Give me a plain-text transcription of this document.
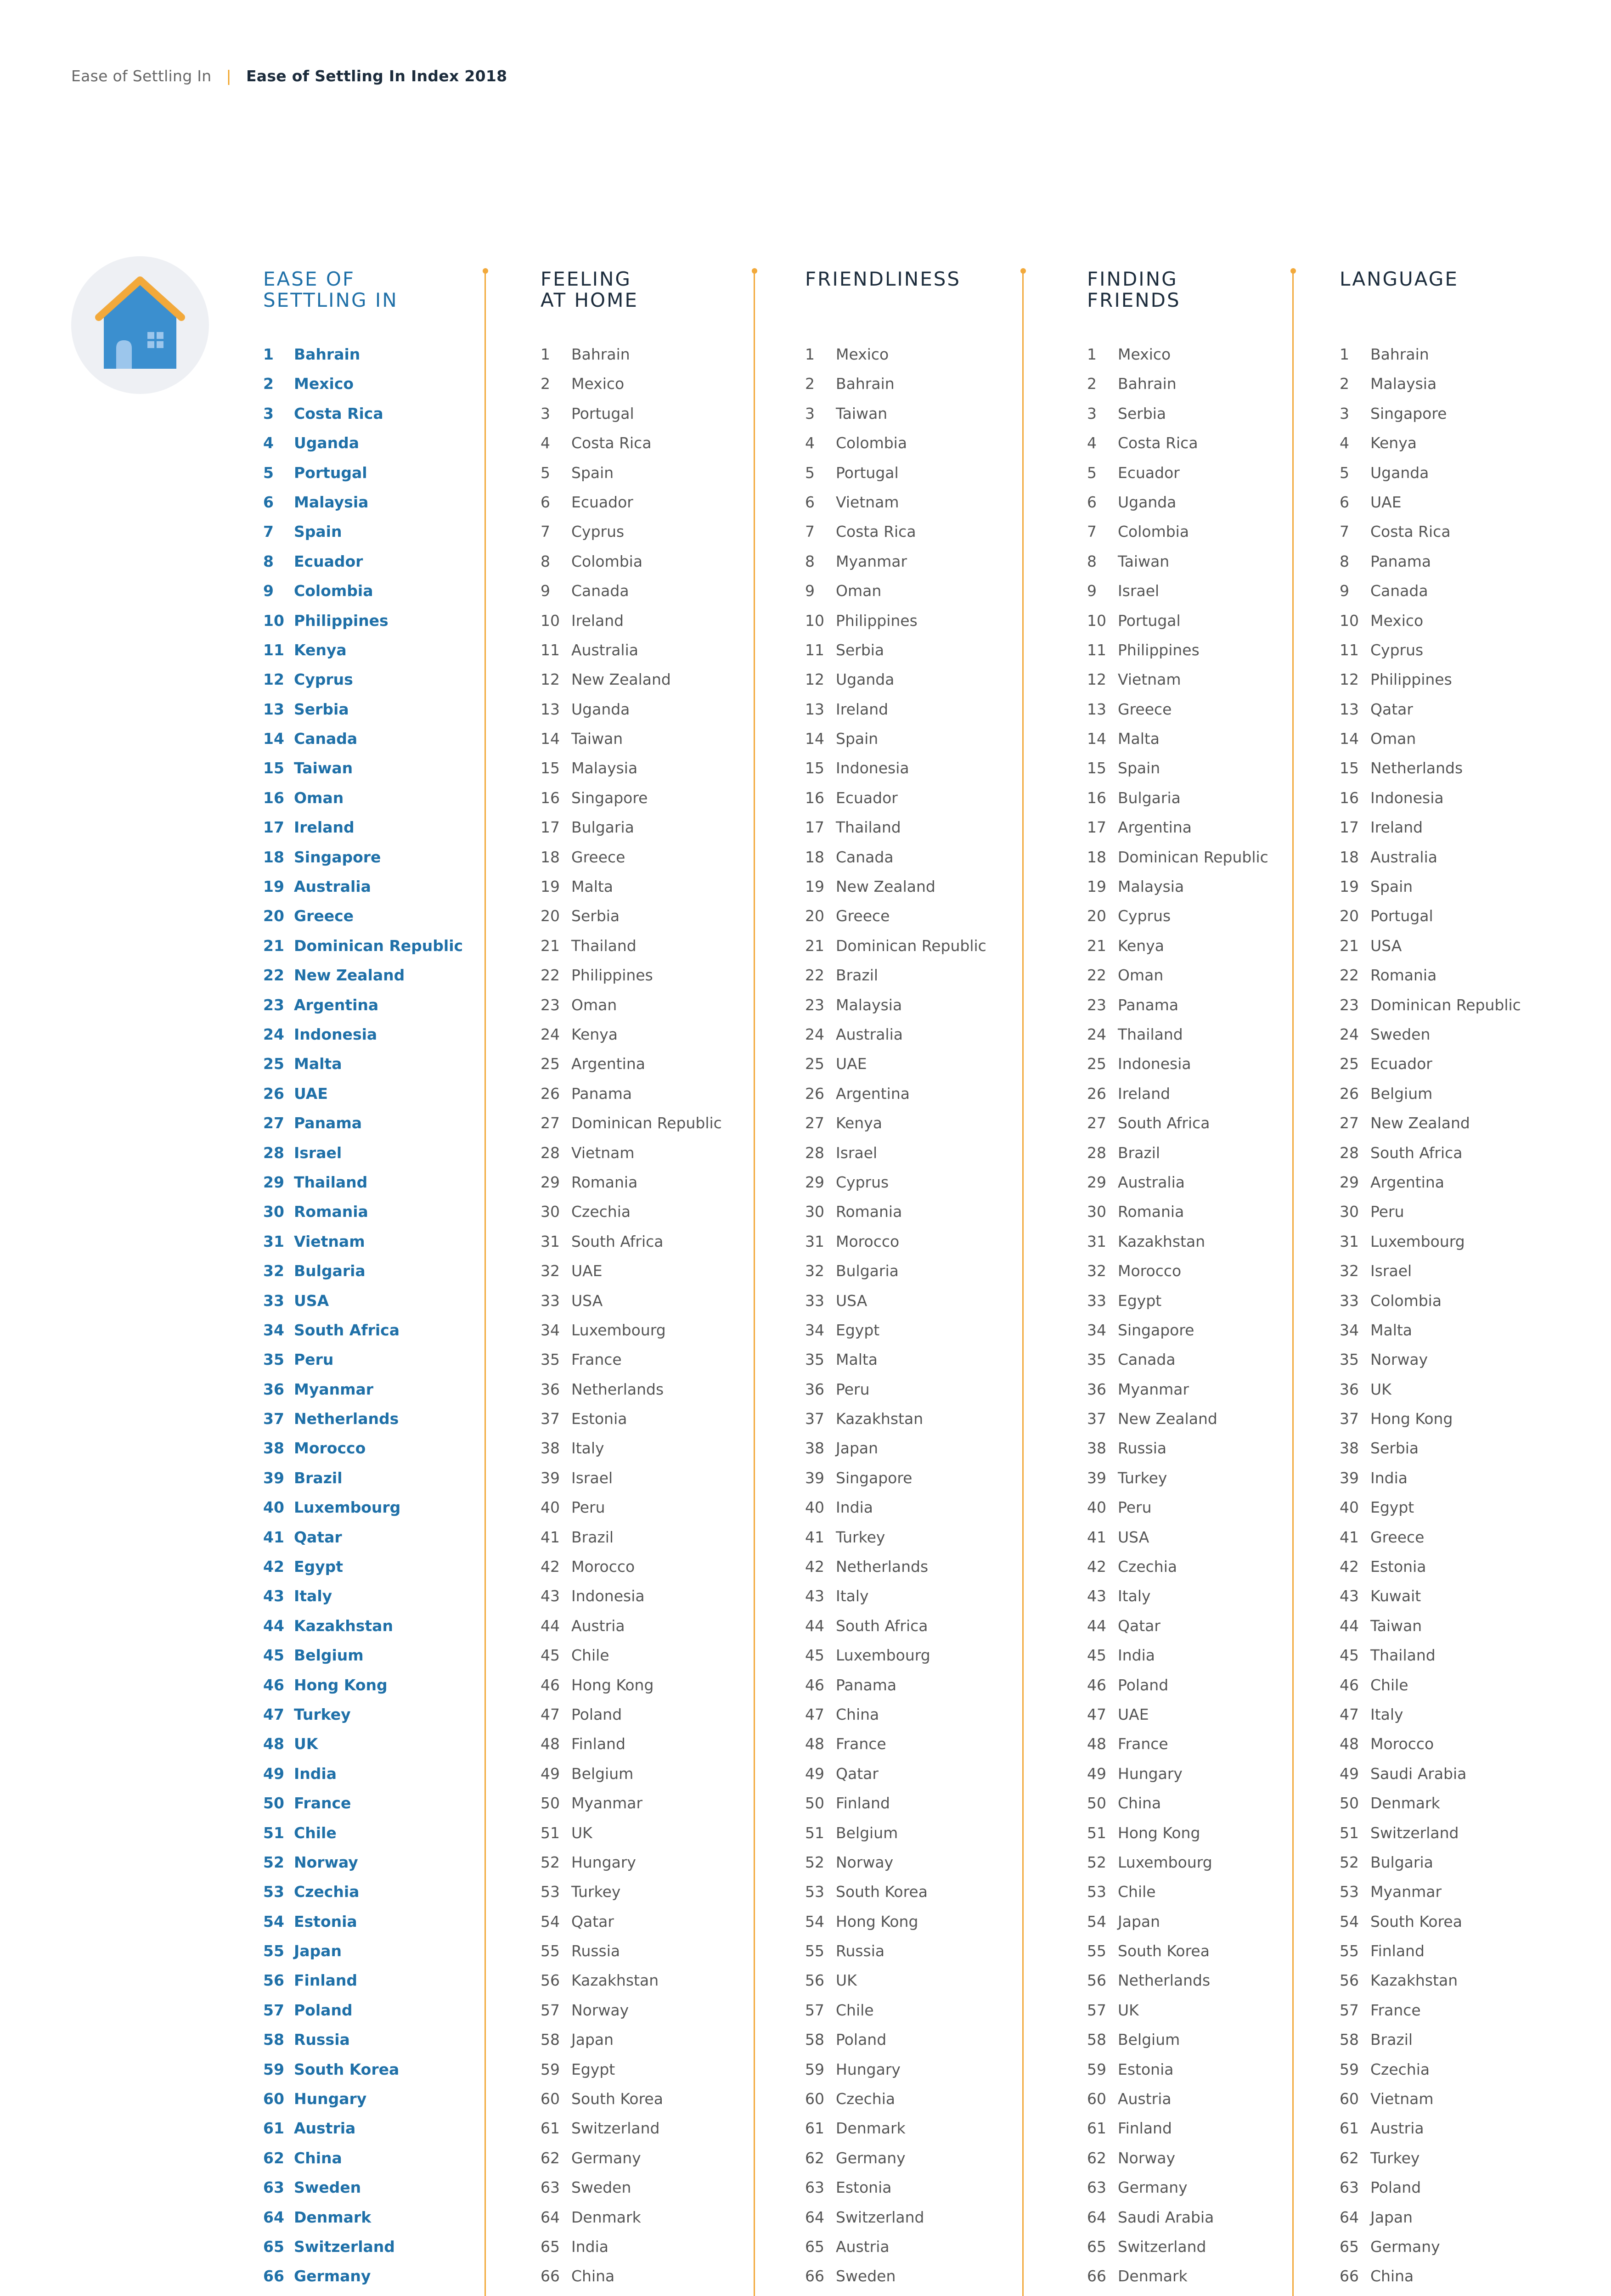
Ease of Settling In | Ease of Settling In Index 2018
EASE OF
SETTLING IN
1	Bahrain
2	Mexico
3	Costa Rica
4	Uganda
5	Portugal
6	Malaysia
7	Spain
8	Ecuador
9	Colombia
10 Philippines
11 Kenya
12 Cyprus
13 Serbia
14 Canada
15 Taiwan
16 Oman
17 Ireland
18 Singapore
19 Australia
20 Greece
21 Dominican Republic
22 New Zealand
23 Argentina
24 Indonesia
25 Malta
26 UAE
27 Panama
28 Israel
29 Thailand
30 Romania
31 Vietnam
32 Bulgaria
33 USA
34 South Africa
35 Peru
36 Myanmar
37 Netherlands
38 Morocco
39 Brazil
40 Luxembourg
41 Qatar
42 Egypt
43 Italy
44 Kazakhstan
45 Belgium
46 Hong Kong
47 Turkey
48 UK
49 India
50 France
51 Chile
52 Norway
53 Czechia
54 Estonia
55 Japan
56 Finland
57 Poland
58 Russia
59 South Korea
60 Hungary
61 Austria
62 China
63 Sweden
64 Denmark
65 Switzerland
66 Germany
FEELING
AT HOME
1	Bahrain
2	Mexico
3	Portugal
4	Costa Rica
5	Spain
6	Ecuador
7	Cyprus
8	Colombia
9	Canada
10 Ireland
11 Australia
12 New Zealand
13 Uganda
14 Taiwan
15 Malaysia
16 Singapore
17 Bulgaria
18 Greece
19 Malta
20 Serbia
21 Thailand
22 Philippines
23 Oman
24 Kenya
25 Argentina
26 Panama
27 Dominican Republic
28 Vietnam
29 Romania
30 Czechia
31 South Africa
32 UAE
33 USA
34 Luxembourg
35 France
36 Netherlands
37 Estonia
38 Italy
39 Israel
40 Peru
41 Brazil
42 Morocco
43 Indonesia
44 Austria
45 Chile
46 Hong Kong
47 Poland
48 Finland
49 Belgium
50 Myanmar
51 UK
52 Hungary
53 Turkey
54 Qatar
55 Russia
56 Kazakhstan
57 Norway
58 Japan
59 Egypt
60 South Korea
61 Switzerland
62 Germany
63 Sweden
64 Denmark
65 India
66 China
FRIENDLINESS
1	Mexico
2	Bahrain
3	Taiwan
4	Colombia
5	Portugal
6	Vietnam
7	Costa Rica
8	Myanmar
9	Oman
10 Philippines
11 Serbia
12 Uganda
13 Ireland
14 Spain
15 Indonesia
16 Ecuador
17 Thailand
18 Canada
19 New Zealand
20 Greece
21 Dominican Republic
22 Brazil
23 Malaysia
24 Australia
25 UAE
26 Argentina
27 Kenya
28 Israel
29 Cyprus
30 Romania
31 Morocco
32 Bulgaria
33 USA
34 Egypt
35 Malta
36 Peru
37 Kazakhstan
38 Japan
39 Singapore
40 India
41 Turkey
42 Netherlands
43 Italy
44 South Africa
45 Luxembourg
46 Panama
47 China
48 France
49 Qatar
50 Finland
51 Belgium
52 Norway
53 South Korea
54 Hong Kong
55 Russia
56 UK
57 Chile
58 Poland
59 Hungary
60 Czechia
61 Denmark
62 Germany
63 Estonia
64 Switzerland
65 Austria
66 Sweden
FINDING
FRIENDS
1	Mexico
2	Bahrain
3	Serbia
4	Costa Rica
5	Ecuador
6	Uganda
7	Colombia
8	Taiwan
9	Israel
10 Portugal
11 Philippines
12 Vietnam
13 Greece
14 Malta
15 Spain
16 Bulgaria
17 Argentina
18 Dominican Republic
19 Malaysia
20 Cyprus
21 Kenya
22 Oman
23 Panama
24 Thailand
25 Indonesia
26 Ireland
27 South Africa
28 Brazil
29 Australia
30 Romania
31 Kazakhstan
32 Morocco
33 Egypt
34 Singapore
35 Canada
36 Myanmar
37 New Zealand
38 Russia
39 Turkey
40 Peru
41 USA
42 Czechia
43 Italy
44 Qatar
45 India
46 Poland
47 UAE
48 France
49 Hungary
50 China
51 Hong Kong
52 Luxembourg
53 Chile
54 Japan
55 South Korea
56 Netherlands
57 UK
58 Belgium
59 Estonia
60 Austria
61 Finland
62 Norway
63 Germany
64 Saudi Arabia
65 Switzerland
66 Denmark
LANGUAGE
1	Bahrain
2	Malaysia
3	Singapore
4	Kenya
5	Uganda
6	UAE
7	Costa Rica
8	Panama
9	Canada
10 Mexico
11 Cyprus
12 Philippines
13 Qatar
14 Oman
15 Netherlands
16 Indonesia
17 Ireland
18 Australia
19 Spain
20 Portugal
21 USA
22 Romania
23 Dominican Republic
24 Sweden
25 Ecuador
26 Belgium
27 New Zealand
28 South Africa
29 Argentina
30 Peru
31 Luxembourg
32 Israel
33 Colombia
34 Malta
35 Norway
36 UK
37 Hong Kong
38 Serbia
39 India
40 Egypt
41 Greece
42 Estonia
43 Kuwait
44 Taiwan
45 Thailand
46 Chile
47 Italy
48 Morocco
49 Saudi Arabia
50 Denmark
51 Switzerland
52 Bulgaria
53 Myanmar
54 South Korea
55 Finland
56 Kazakhstan
57 France
58 Brazil
59 Czechia
60 Vietnam
61 Austria
62 Turkey
63 Poland
64 Japan
65 Germany
66 China
